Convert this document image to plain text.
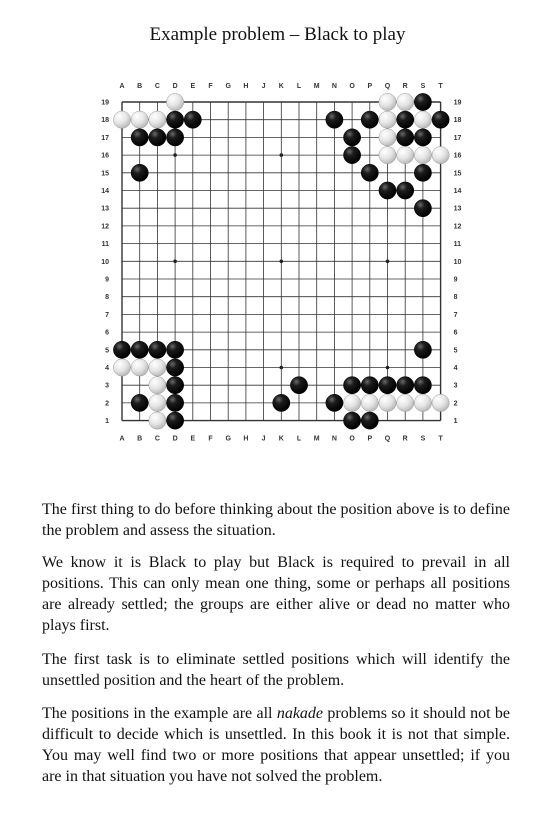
Example problem – Black to play
A
A
B
B
C
C
D
D
E
E
F
F
G
G
H
H
J
J
K
K
L
L
M
M
N
N
O
O
P
P
Q
Q
R
R
S
S
T
T
19	19
18	18
17	17
16	16
15	15
14	14
13	13
12	12
11	11
10	10
9	9
8	8
7	7
6	6
5	5
4	4
3	3
2	2
1	1

The first thing to do before thinking about the position above is to define the problem and assess the situation.

We know it is Black to play but Black is required to prevail in all positions. This can only mean one thing, some or perhaps all positions are already settled; the groups are either alive or dead no matter who plays first.

The first task is to eliminate settled positions which will identify the unsettled position and the heart of the problem.

The positions in the example are all nakade problems so it should not be difficult to decide which is unsettled. In this book it is not that simple. You may well find two or more positions that appear unsettled; if you are in that situation you have not solved the problem.
